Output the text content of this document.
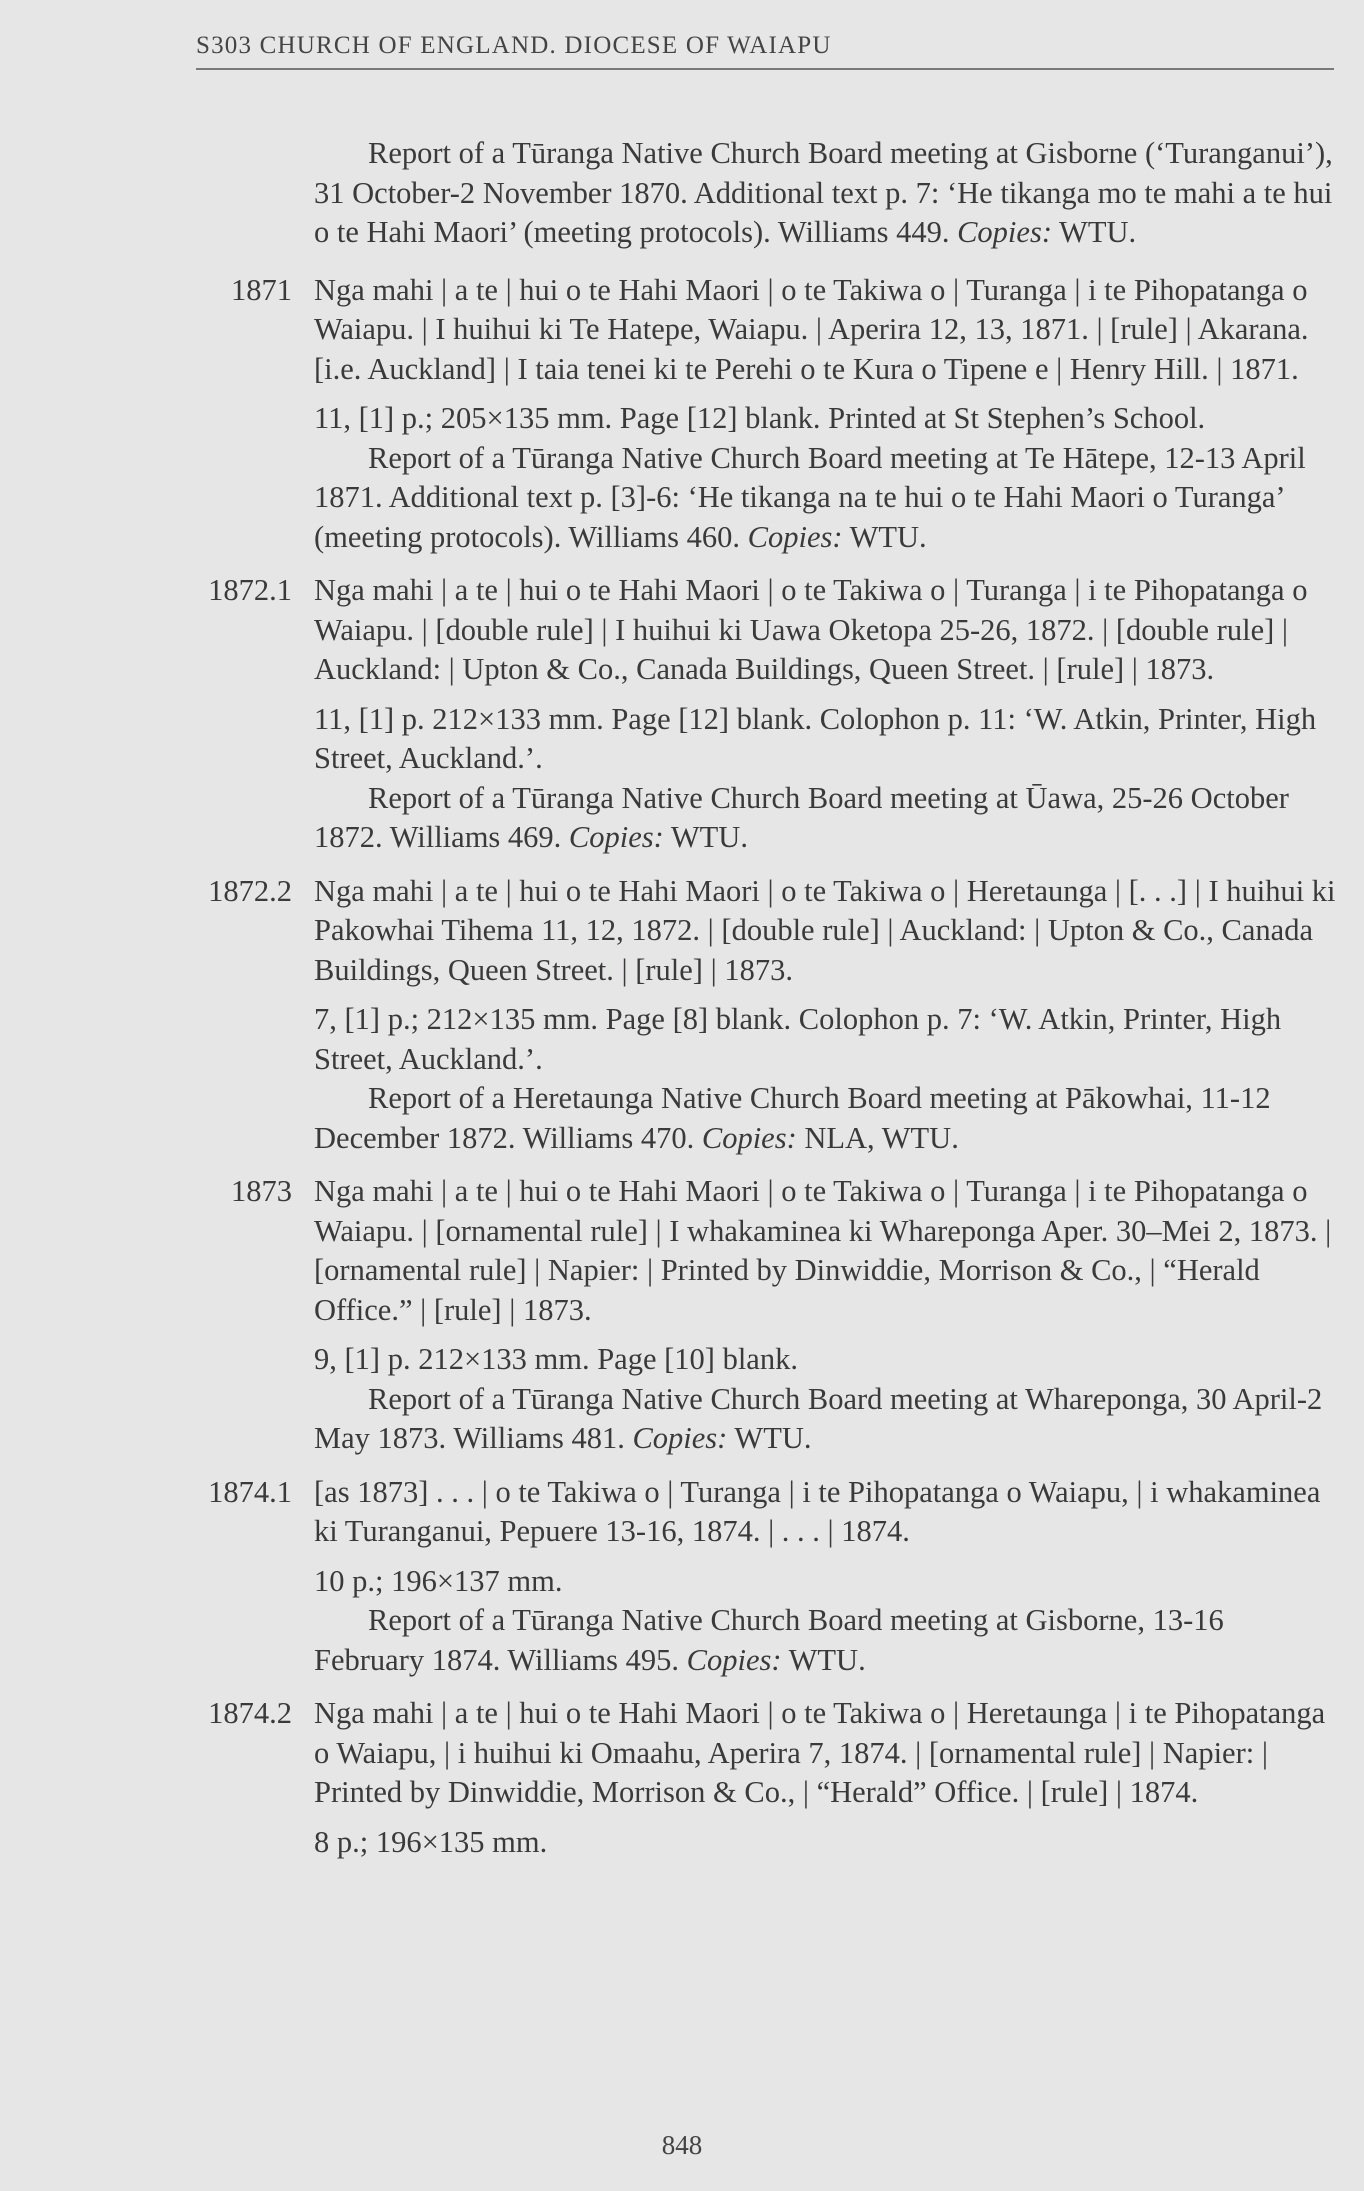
S303 CHURCH OF ENGLAND. DIOCESE OF WAIAPU

Report of a Tūranga Native Church Board meeting at Gisborne (‘Turanganui’), 31 October-2 November 1870. Additional text p. 7: ‘He tikanga mo te mahi a te hui o te Hahi Maori’ (meeting protocols). Williams 449. Copies: WTU.

1871 Nga mahi | a te | hui o te Hahi Maori | o te Takiwa o | Turanga | i te Pihopatanga o Waiapu. | I huihui ki Te Hatepe, Waiapu. | Aperira 12, 13, 1871. | [rule] | Akarana. [i.e. Auckland] | I taia tenei ki te Perehi o te Kura o Tipene e | Henry Hill. | 1871.

11, [1] p.; 205×135 mm. Page [12] blank. Printed at St Stephen’s School.
Report of a Tūranga Native Church Board meeting at Te Hātepe, 12-13 April 1871. Additional text p. [3]-6: ‘He tikanga na te hui o te Hahi Maori o Turanga’ (meeting protocols). Williams 460. Copies: WTU.
1872.1 Nga mahi | a te | hui o te Hahi Maori | o te Takiwa o | Turanga | i te Pihopatanga o Waiapu. | [double rule] | I huihui ki Uawa Oketopa 25-26, 1872. | [double rule] | Auckland: | Upton & Co., Canada Buildings, Queen Street. | [rule] | 1873.

11, [1] p. 212×133 mm. Page [12] blank. Colophon p. 11: ‘W. Atkin, Printer, High Street, Auckland.’.
Report of a Tūranga Native Church Board meeting at Ūawa, 25-26 October 1872. Williams 469. Copies: WTU.
1872.2 Nga mahi | a te | hui o te Hahi Maori | o te Takiwa o | Heretaunga | [. . .] | I huihui ki Pakowhai Tihema 11, 12, 1872. | [double rule] | Auckland: | Upton & Co., Canada Buildings, Queen Street. | [rule] | 1873.

7, [1] p.; 212×135 mm. Page [8] blank. Colophon p. 7: ‘W. Atkin, Printer, High Street, Auckland.’.
Report of a Heretaunga Native Church Board meeting at Pākowhai, 11-12 December 1872. Williams 470. Copies: NLA, WTU.
1873 Nga mahi | a te | hui o te Hahi Maori | o te Takiwa o | Turanga | i te Pihopatanga o Waiapu. | [ornamental rule] | I whakaminea ki Whareponga Aper. 30–Mei 2, 1873. | [ornamental rule] | Napier: | Printed by Dinwiddie, Morrison & Co., | “Herald Office.” | [rule] | 1873.

9, [1] p. 212×133 mm. Page [10] blank.
Report of a Tūranga Native Church Board meeting at Whareponga, 30 April-2 May 1873. Williams 481. Copies: WTU.
1874.1 [as 1873] . . . | o te Takiwa o | Turanga | i te Pihopatanga o Waiapu, | i whakaminea ki Turanganui, Pepuere 13-16, 1874. | . . . | 1874.

10 p.; 196×137 mm.
Report of a Tūranga Native Church Board meeting at Gisborne, 13-16 February 1874. Williams 495. Copies: WTU.
1874.2 Nga mahi | a te | hui o te Hahi Maori | o te Takiwa o | Heretaunga | i te Pihopatanga o Waiapu, | i huihui ki Omaahu, Aperira 7, 1874. | [ornamental rule] | Napier: | Printed by Dinwiddie, Morrison & Co., | “Herald” Office. | [rule] | 1874.

8 p.; 196×135 mm.
848
